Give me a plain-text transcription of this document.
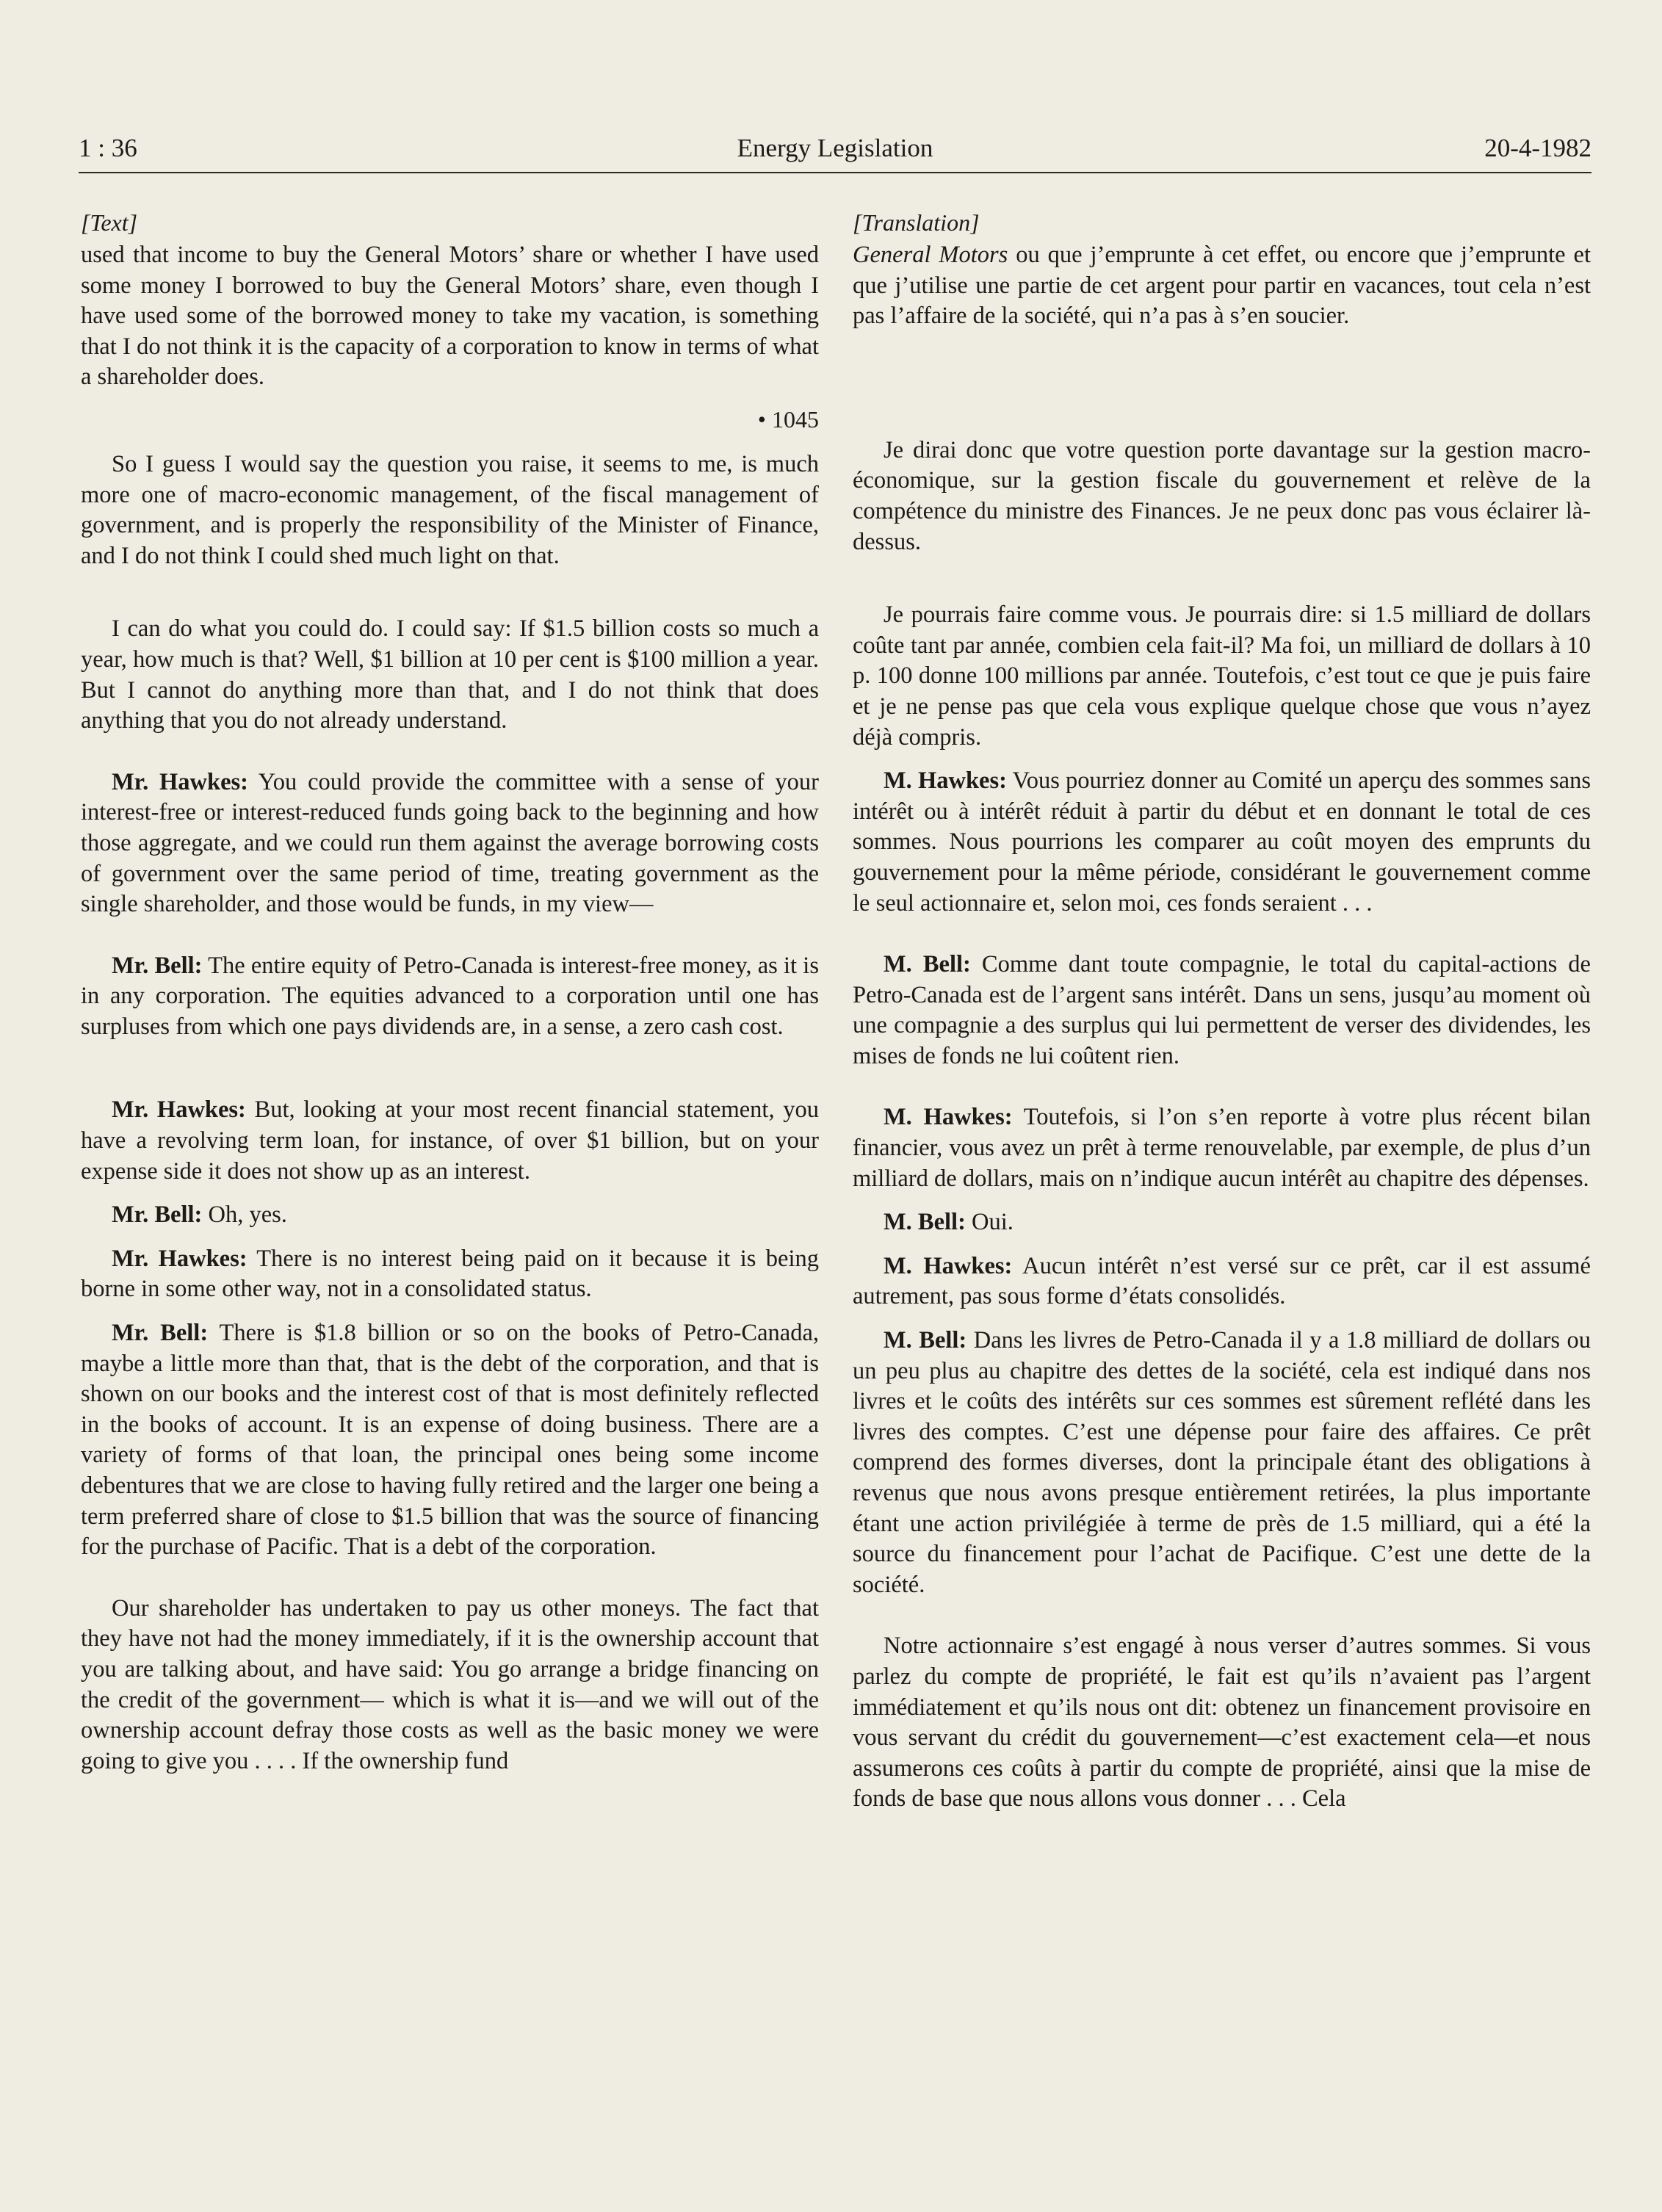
1 : 36	Energy Legislation	20-4-1982
[Text]

used that income to buy the General Motors’ share or whether I have used some money I borrowed to buy the General Motors’ share, even though I have used some of the borrowed money to take my vacation, is something that I do not think it is the capacity of a corporation to know in terms of what a shareholder does.

• 1045

So I guess I would say the question you raise, it seems to me, is much more one of macro-economic management, of the fiscal management of government, and is properly the responsibility of the Minister of Finance, and I do not think I could shed much light on that.

I can do what you could do. I could say: If $1.5 billion costs so much a year, how much is that? Well, $1 billion at 10 per cent is $100 million a year. But I cannot do anything more than that, and I do not think that does anything that you do not already understand.

Mr. Hawkes: You could provide the committee with a sense of your interest-free or interest-reduced funds going back to the beginning and how those aggregate, and we could run them against the average borrowing costs of government over the same period of time, treating government as the single shareholder, and those would be funds, in my view—

Mr. Bell: The entire equity of Petro-Canada is interest-free money, as it is in any corporation. The equities advanced to a corporation until one has surpluses from which one pays dividends are, in a sense, a zero cash cost.

Mr. Hawkes: But, looking at your most recent financial statement, you have a revolving term loan, for instance, of over $1 billion, but on your expense side it does not show up as an interest.

Mr. Bell: Oh, yes.

Mr. Hawkes: There is no interest being paid on it because it is being borne in some other way, not in a consolidated status.

Mr. Bell: There is $1.8 billion or so on the books of Petro-Canada, maybe a little more than that, that is the debt of the corporation, and that is shown on our books and the interest cost of that is most definitely reflected in the books of account. It is an expense of doing business. There are a variety of forms of that loan, the principal ones being some income debentures that we are close to having fully retired and the larger one being a term preferred share of close to $1.5 billion that was the source of financing for the purchase of Pacific. That is a debt of the corporation.

Our shareholder has undertaken to pay us other moneys. The fact that they have not had the money immediately, if it is the ownership account that you are talking about, and have said: You go arrange a bridge financing on the credit of the government— which is what it is—and we will out of the ownership account defray those costs as well as the basic money we were going to give you . . . . If the ownership fund

[Translation]

General Motors ou que j’emprunte à cet effet, ou encore que j’emprunte et que j’utilise une partie de cet argent pour partir en vacances, tout cela n’est pas l’affaire de la société, qui n’a pas à s’en soucier.

Je dirai donc que votre question porte davantage sur la gestion macro-économique, sur la gestion fiscale du gouvernement et relève de la compétence du ministre des Finances. Je ne peux donc pas vous éclairer là-dessus.

Je pourrais faire comme vous. Je pourrais dire: si 1.5 milliard de dollars coûte tant par année, combien cela fait-il? Ma foi, un milliard de dollars à 10 p. 100 donne 100 millions par année. Toutefois, c’est tout ce que je puis faire et je ne pense pas que cela vous explique quelque chose que vous n’ayez déjà compris.

M. Hawkes: Vous pourriez donner au Comité un aperçu des sommes sans intérêt ou à intérêt réduit à partir du début et en donnant le total de ces sommes. Nous pourrions les comparer au coût moyen des emprunts du gouvernement pour la même période, considérant le gouvernement comme le seul actionnaire et, selon moi, ces fonds seraient . . .

M. Bell: Comme dant toute compagnie, le total du capital-actions de Petro-Canada est de l’argent sans intérêt. Dans un sens, jusqu’au moment où une compagnie a des surplus qui lui permettent de verser des dividendes, les mises de fonds ne lui coûtent rien.

M. Hawkes: Toutefois, si l’on s’en reporte à votre plus récent bilan financier, vous avez un prêt à terme renouvelable, par exemple, de plus d’un milliard de dollars, mais on n’indique aucun intérêt au chapitre des dépenses.

M. Bell: Oui.

M. Hawkes: Aucun intérêt n’est versé sur ce prêt, car il est assumé autrement, pas sous forme d’états consolidés.

M. Bell: Dans les livres de Petro-Canada il y a 1.8 milliard de dollars ou un peu plus au chapitre des dettes de la société, cela est indiqué dans nos livres et le coûts des intérêts sur ces sommes est sûrement reflété dans les livres des comptes. C’est une dépense pour faire des affaires. Ce prêt comprend des formes diverses, dont la principale étant des obligations à revenus que nous avons presque entièrement retirées, la plus importante étant une action privilégiée à terme de près de 1.5 milliard, qui a été la source du financement pour l’achat de Pacifique. C’est une dette de la société.

Notre actionnaire s’est engagé à nous verser d’autres sommes. Si vous parlez du compte de propriété, le fait est qu’ils n’avaient pas l’argent immédiatement et qu’ils nous ont dit: obtenez un financement provisoire en vous servant du crédit du gouvernement—c’est exactement cela—et nous assumerons ces coûts à partir du compte de propriété, ainsi que la mise de fonds de base que nous allons vous donner . . . Cela
